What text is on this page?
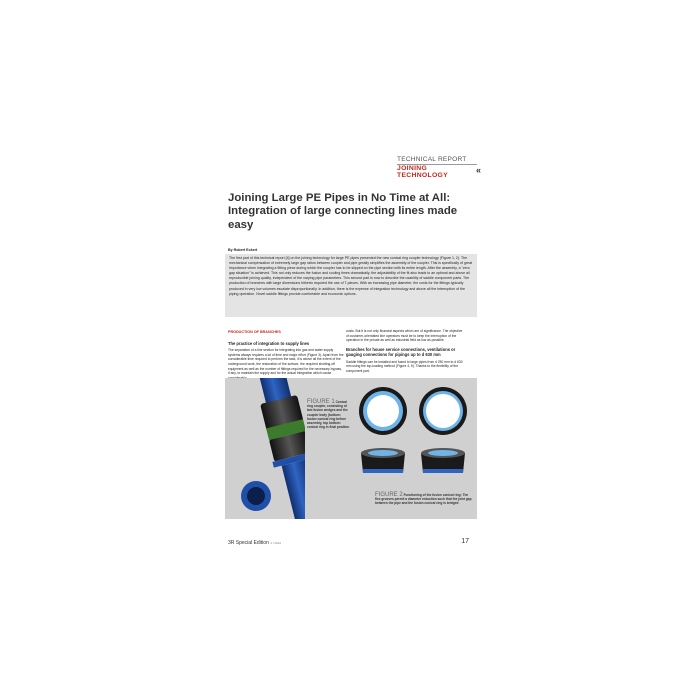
TECHNICAL REPORT
JOINING TECHNOLOGY
«
Joining Large PE Pipes in No Time at All: Integration of large connecting lines made easy
By Robert Eckert

The first part of this technical report [4] on the joining technology for large PE pipes presented the new conical ring coupler technology (Figure 1, 2). The mechanical compensation of extremely large gap ratios between coupler and pipe greatly simplifies the assembly of the coupler. This is specifically of great importance when integrating a fitting piece during which the coupler has to be slipped on the pipe section with its entire length. After the assembly, a "zero gap situation" is achieved. This not only reduces the fusion and cooling times dramatically, the adjustability of the fit also leads to an optimal and above all reproducible joining quality, independent of the varying pipe parameters. This second part is now to describe the usability of saddle component parts. The production of branches with large dimensions hitherto required the use of T-pieces. With an increasing pipe diameter, the costs for the fittings typically produced in very low volumes escalate disproportionally. In addition, there is the expense of integration technology and above all the interruption of the piping operation. Novel saddle fittings provide comfortable and economic options.

PRODUCTION OF BRANCHES
The practice of integration to supply lines
The separation of a line section for integrating into gas and water supply systems always requires a lot of time and major effort (Figure 3). Apart from the considerable time required to perform the task, it is above all the extent of the underground work, the restoration of the surface, the required shutting-off equipment as well as the number of fittings required for the necessary bypass, if any, to maintain the supply and for the actual integration which cause
costs. But it is not only financial aspects which are of significance. The objective of customer-orientated line operators must be to keep the interruption of the operation in the private as well as industrial field as low as possible.
Branches for house service connections, ventilations or gauging connections for pipings up to d 630 mm
Saddle fittings can be installed and fused to large pipes from d 250 mm to d 630 mm using the top-loading method (Figure 4, 5). Thanks to the flexibility of the component part,
FIGURE 1 Conical ring coupler, consisting of two fusion wedges and the coupler body (bottom: fusion conical ring before assembly, top bottom: conical ring in final position
FIGURE 2 Functioning of the fusion conical ring: The flex grooves permit a diameter reduction such that the joint gap between the pipe and the fusion conical ring is bridged
3R Special Edition 1 / 2012	17
